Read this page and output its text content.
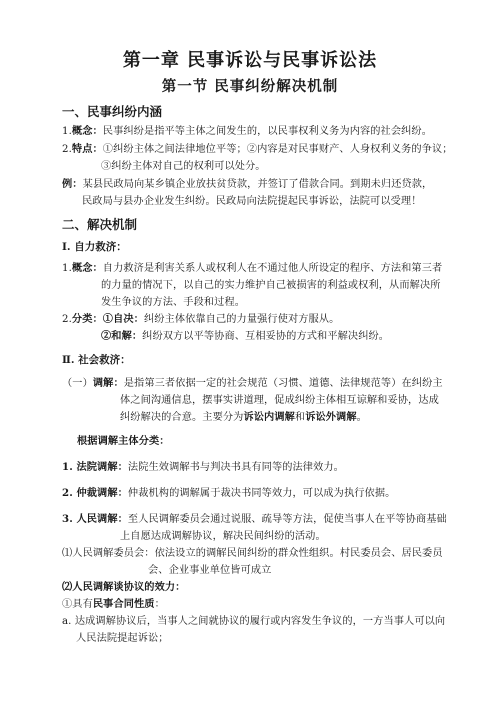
第一章 民事诉讼与民事诉讼法
第一节 民事纠纷解决机制
一、民事纠纷内涵
1.概念：民事纠纷是指平等主体之间发生的，以民事权利义务为内容的社会纠纷。
2.特点：①纠纷主体之间法律地位平等；②内容是对民事财产、人身权利义务的争议；
③纠纷主体对自己的权利可以处分。
例：某县民政局向某乡镇企业放扶贫贷款，并签订了借款合同。到期未归还贷款，
民政局与县办企业发生纠纷。民政局向法院提起民事诉讼，法院可以受理！
二、解决机制
Ⅰ. 自力救济：
1.概念：自力救济是利害关系人或权利人在不通过他人所设定的程序、方法和第三者
的力量的情况下，以自己的实力维护自己被损害的利益或权利，从而解决所
发生争议的方法、手段和过程。
2.分类：①自决：纠纷主体依靠自己的力量强行使对方服从。
②和解：纠纷双方以平等协商、互相妥协的方式和平解决纠纷。
Ⅱ. 社会救济：
（一）调解：是指第三者依据一定的社会规范（习惯、道德、法律规范等）在纠纷主
体之间沟通信息，摆事实讲道理，促成纠纷主体相互谅解和妥协，达成
纠纷解决的合意。主要分为诉讼内调解和诉讼外调解。
根据调解主体分类：
1. 法院调解：法院生效调解书与判决书具有同等的法律效力。
2. 仲裁调解：仲裁机构的调解属于裁决书同等效力，可以成为执行依据。
3. 人民调解：至人民调解委员会通过说服、疏导等方法，促使当事人在平等协商基础
上自愿达成调解协议，解决民间纠纷的活动。
⑴人民调解委员会：依法设立的调解民间纠纷的群众性组织。村民委员会、居民委员
会、企业事业单位皆可成立
⑵人民调解谈协议的效力：
①具有民事合同性质：
a. 达成调解协议后，当事人之间就协议的履行或内容发生争议的，一方当事人可以向
人民法院提起诉讼；
